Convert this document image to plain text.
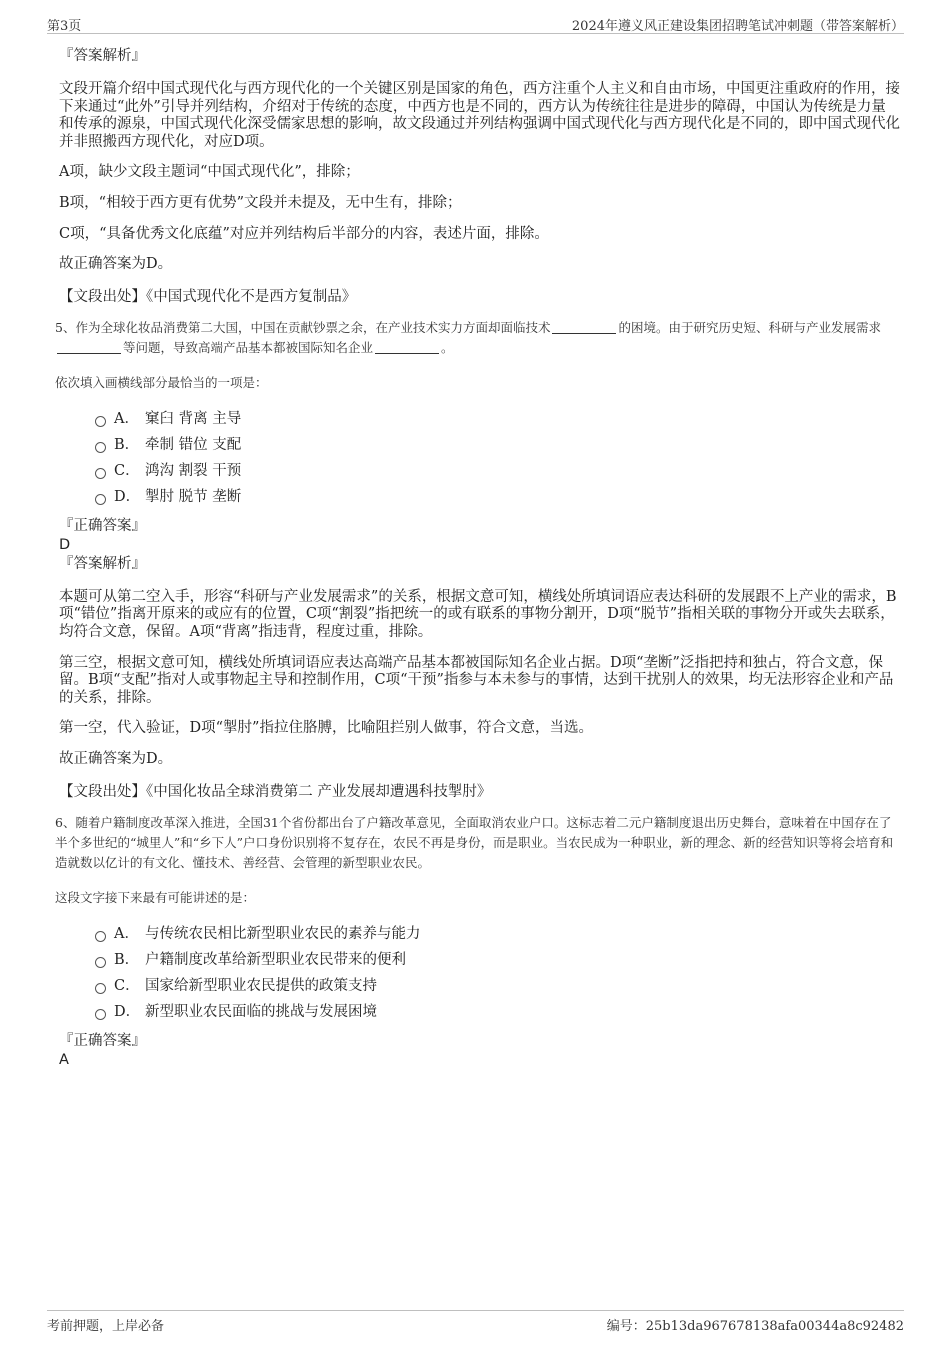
第3页	2024年遵义风正建设集团招聘笔试冲刺题（带答案解析）
『答案解析』

文段开篇介绍中国式现代化与西方现代化的一个关键区别是国家的角色，西方注重个人主义和自由市场，中国更注重政府的作用，接下来通过“此外”引导并列结构，介绍对于传统的态度，中西方也是不同的，西方认为传统往往是进步的障碍，中国认为传统是力量和传承的源泉，中国式现代化深受儒家思想的影响，故文段通过并列结构强调中国式现代化与西方现代化是不同的，即中国式现代化并非照搬西方现代化，对应D项。

A项，缺少文段主题词“中国式现代化”，排除；

B项，“相较于西方更有优势”文段并未提及，无中生有，排除；

C项，“具备优秀文化底蕴”对应并列结构后半部分的内容，表述片面，排除。

故正确答案为D。

【文段出处】《中国式现代化不是西方复制品》

5、作为全球化妆品消费第二大国，中国在贡献钞票之余，在产业技术实力方面却面临技术	的困境。由于研究历史短、科研与产业发展需求等问题，导致高端产品基本都被国际知名企业	。

依次填入画横线部分最恰当的一项是：

A． 窠臼 背离 主导
B． 牵制 错位 支配
C． 鸿沟 割裂 干预
D． 掣肘 脱节 垄断
『正确答案』
D
『答案解析』

本题可从第二空入手，形容“科研与产业发展需求”的关系，根据文意可知，横线处所填词语应表达科研的发展跟不上产业的需求，B项“错位”指离开原来的或应有的位置，C项“割裂”指把统一的或有联系的事物分割开，D项“脱节”指相关联的事物分开或失去联系，均符合文意，保留。A项“背离”指违背，程度过重，排除。

第三空，根据文意可知，横线处所填词语应表达高端产品基本都被国际知名企业占据。D项“垄断”泛指把持和独占，符合文意，保留。B项“支配”指对人或事物起主导和控制作用，C项“干预”指参与本未参与的事情，达到干扰别人的效果，均无法形容企业和产品的关系，排除。

第一空，代入验证，D项“掣肘”指拉住胳膊，比喻阻拦别人做事，符合文意，当选。

故正确答案为D。

【文段出处】《中国化妆品全球消费第二 产业发展却遭遇科技掣肘》

6、随着户籍制度改革深入推进，全国31个省份都出台了户籍改革意见，全面取消农业户口。这标志着二元户籍制度退出历史舞台，意味着在中国存在了半个多世纪的“城里人”和“乡下人”户口身份识别将不复存在，农民不再是身份，而是职业。当农民成为一种职业，新的理念、新的经营知识等将会培育和造就数以亿计的有文化、懂技术、善经营、会管理的新型职业农民。

这段文字接下来最有可能讲述的是：

A． 与传统农民相比新型职业农民的素养与能力
B． 户籍制度改革给新型职业农民带来的便利
C． 国家给新型职业农民提供的政策支持
D． 新型职业农民面临的挑战与发展困境
『正确答案』
A
考前押题，上岸必备	编号：25b13da967678138afa00344a8c92482
